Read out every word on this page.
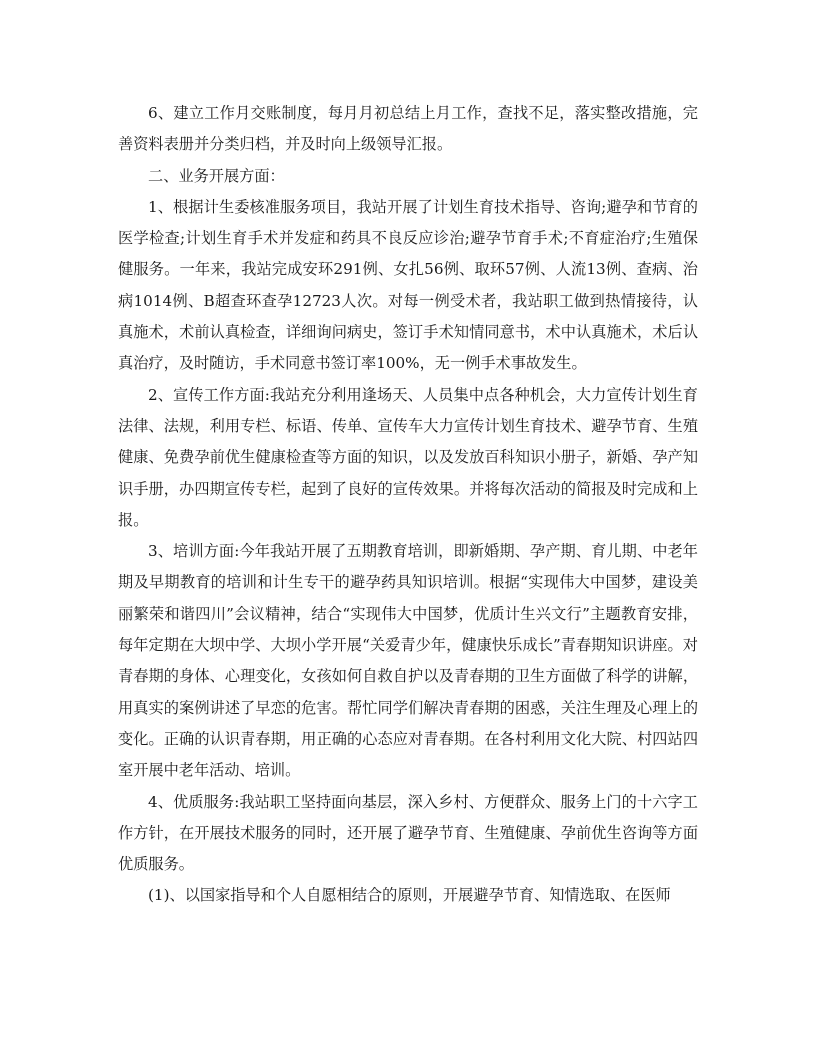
6、建立工作月交账制度，每月月初总结上月工作，查找不足，落实整改措施，完善资料表册并分类归档，并及时向上级领导汇报。

二、业务开展方面：

1、根据计生委核准服务项目，我站开展了计划生育技术指导、咨询;避孕和节育的医学检查;计划生育手术并发症和药具不良反应诊治;避孕节育手术;不育症治疗;生殖保健服务。一年来，我站完成安环291例、女扎56例、取环57例、人流13例、查病、治病1014例、B超查环查孕12723人次。对每一例受术者，我站职工做到热情接待，认真施术，术前认真检查，详细询问病史，签订手术知情同意书，术中认真施术，术后认真治疗，及时随访，手术同意书签订率100%，无一例手术事故发生。

2、宣传工作方面:我站充分利用逢场天、人员集中点各种机会，大力宣传计划生育法律、法规，利用专栏、标语、传单、宣传车大力宣传计划生育技术、避孕节育、生殖健康、免费孕前优生健康检查等方面的知识，以及发放百科知识小册子，新婚、孕产知识手册，办四期宣传专栏，起到了良好的宣传效果。并将每次活动的简报及时完成和上报。

3、培训方面:今年我站开展了五期教育培训，即新婚期、孕产期、育儿期、中老年期及早期教育的培训和计生专干的避孕药具知识培训。根据“实现伟大中国梦，建设美丽繁荣和谐四川”会议精神，结合“实现伟大中国梦，优质计生兴文行”主题教育安排，每年定期在大坝中学、大坝小学开展“关爱青少年，健康快乐成长”青春期知识讲座。对青春期的身体、心理变化，女孩如何自救自护以及青春期的卫生方面做了科学的讲解，用真实的案例讲述了早恋的危害。帮忙同学们解决青春期的困惑，关注生理及心理上的变化。正确的认识青春期，用正确的心态应对青春期。在各村利用文化大院、村四站四室开展中老年活动、培训。

4、优质服务:我站职工坚持面向基层，深入乡村、方便群众、服务上门的十六字工作方针，在开展技术服务的同时，还开展了避孕节育、生殖健康、孕前优生咨询等方面优质服务。

(1)、以国家指导和个人自愿相结合的原则，开展避孕节育、知情选取、在医师
